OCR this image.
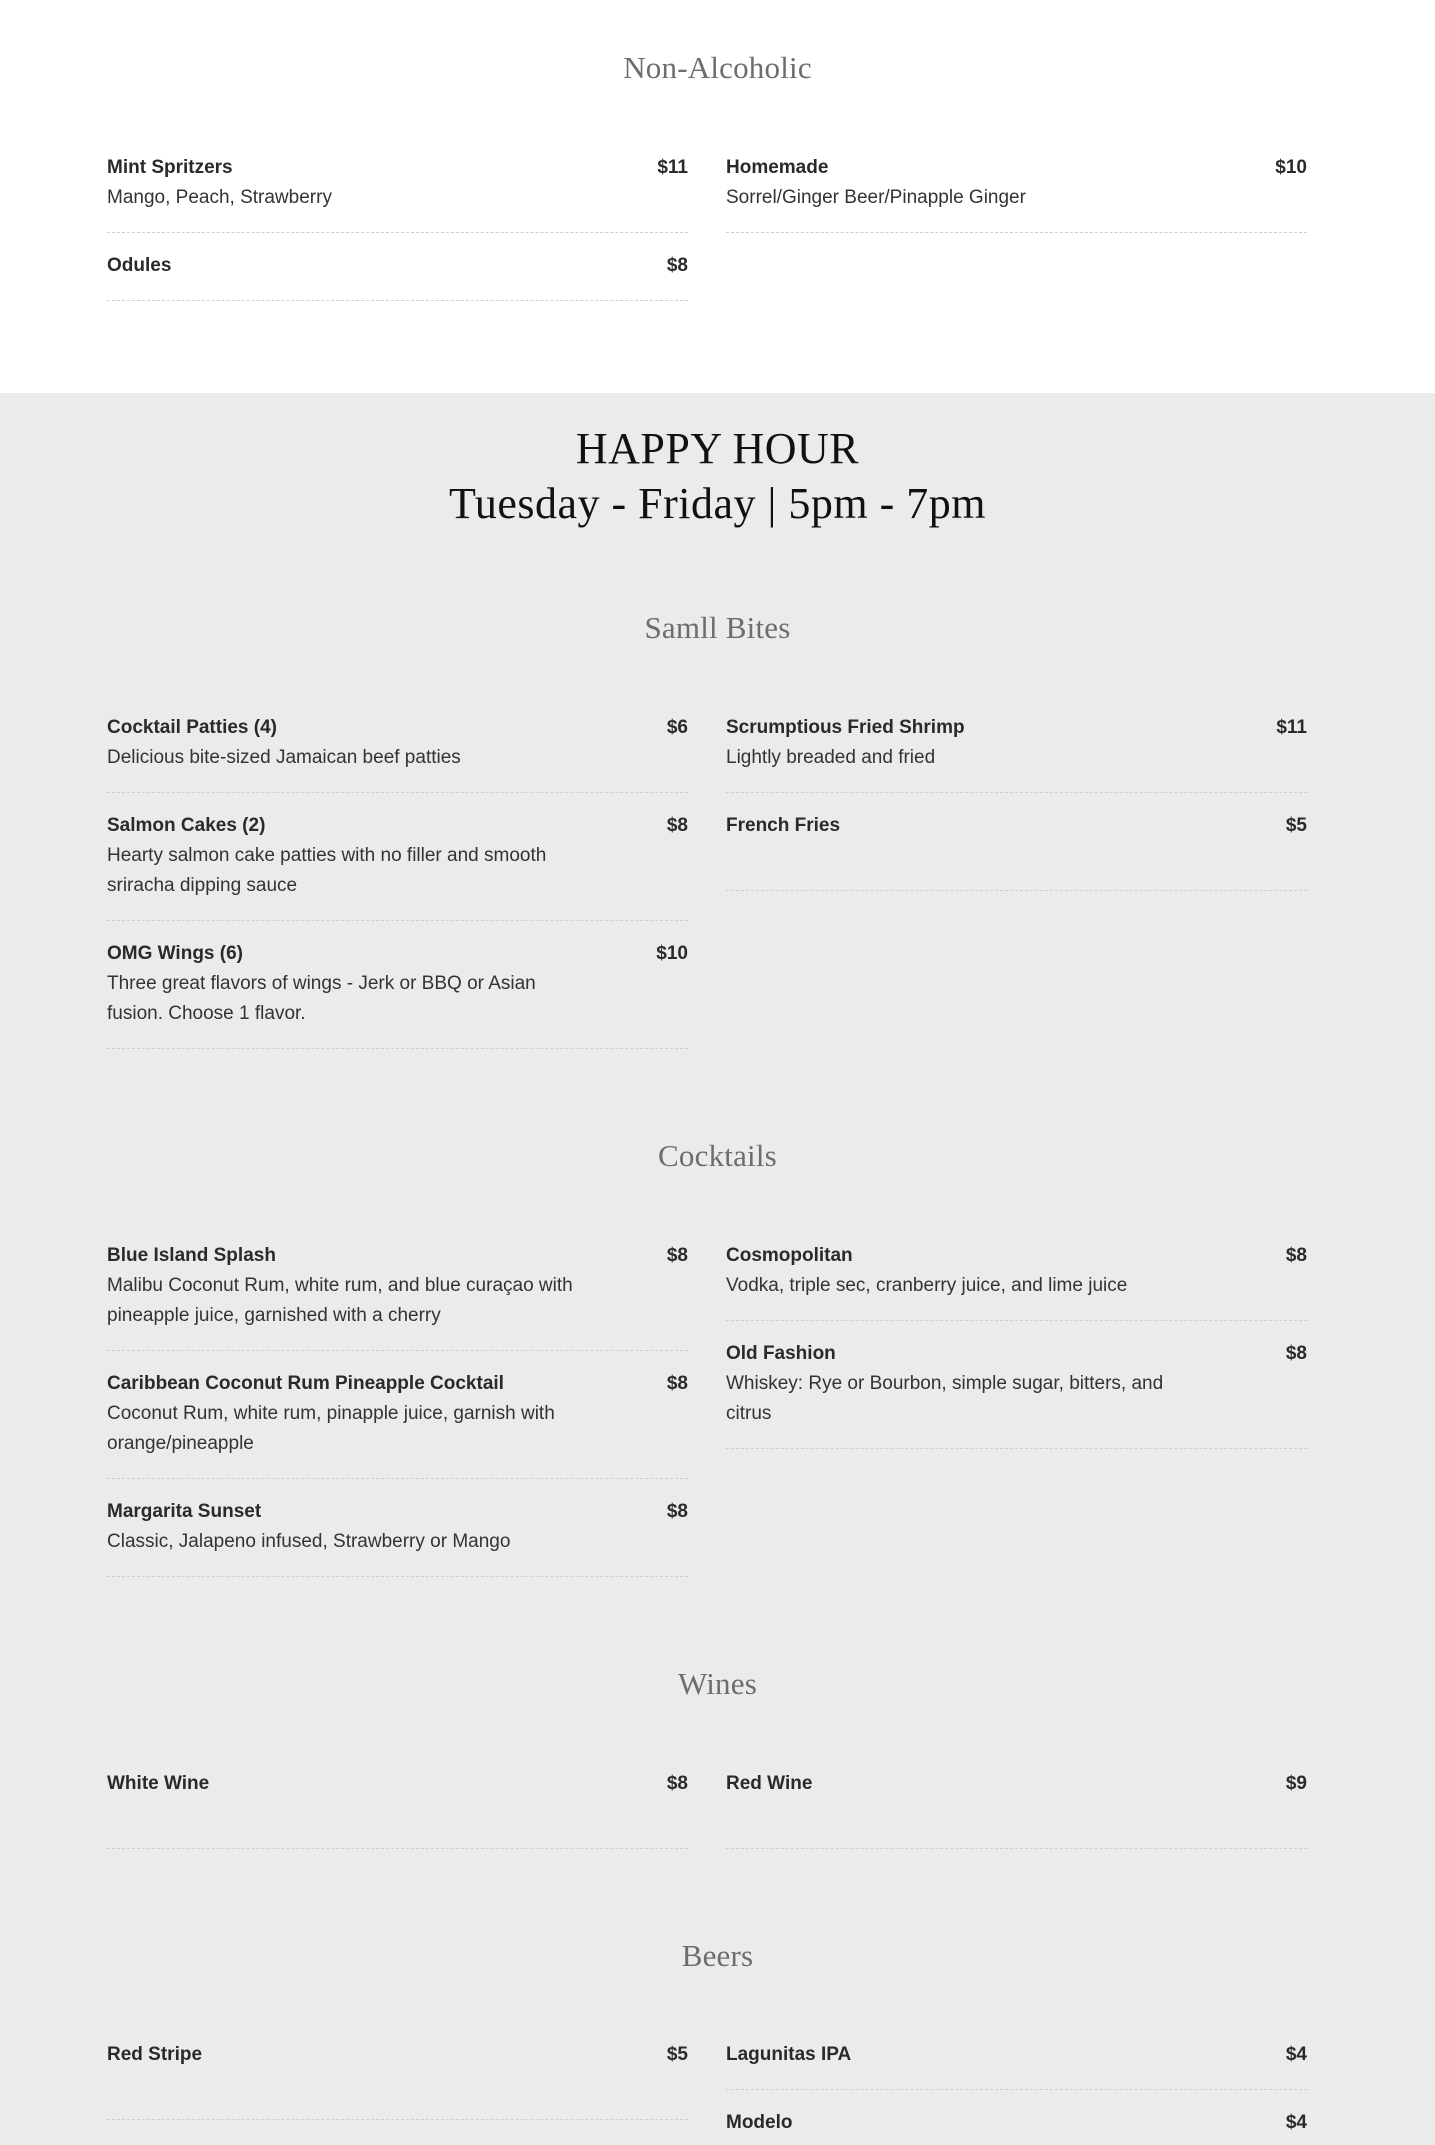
Non-Alcoholic
Mint Spritzers	$11
Mango, Peach, Strawberry
Homemade	$10
Sorrel/Ginger Beer/Pinapple Ginger
Odules	$8
HAPPY HOUR
Tuesday - Friday | 5pm - 7pm
Samll Bites
Cocktail Patties (4)	$6
Delicious bite-sized Jamaican beef patties
Scrumptious Fried Shrimp	$11
Lightly breaded and fried
Salmon Cakes (2)	$8
Hearty salmon cake patties with no filler and smooth sriracha dipping sauce
French Fries	$5
OMG Wings (6)	$10
Three great flavors of wings - Jerk or BBQ or Asian fusion. Choose 1 flavor.
Cocktails
Blue Island Splash	$8
Malibu Coconut Rum, white rum, and blue curaçao with pineapple juice, garnished with a cherry
Cosmopolitan	$8
Vodka, triple sec, cranberry juice, and lime juice
Caribbean Coconut Rum Pineapple Cocktail	$8
Coconut Rum, white rum, pinapple juice, garnish with orange/pineapple
Old Fashion	$8
Whiskey: Rye or Bourbon, simple sugar, bitters, and citrus
Margarita Sunset	$8
Classic, Jalapeno infused, Strawberry or Mango
Wines
White Wine	$8 Red Wine	$9
Beers
Red Stripe	$5 Lagunitas IPA	$4
Modelo	$4
